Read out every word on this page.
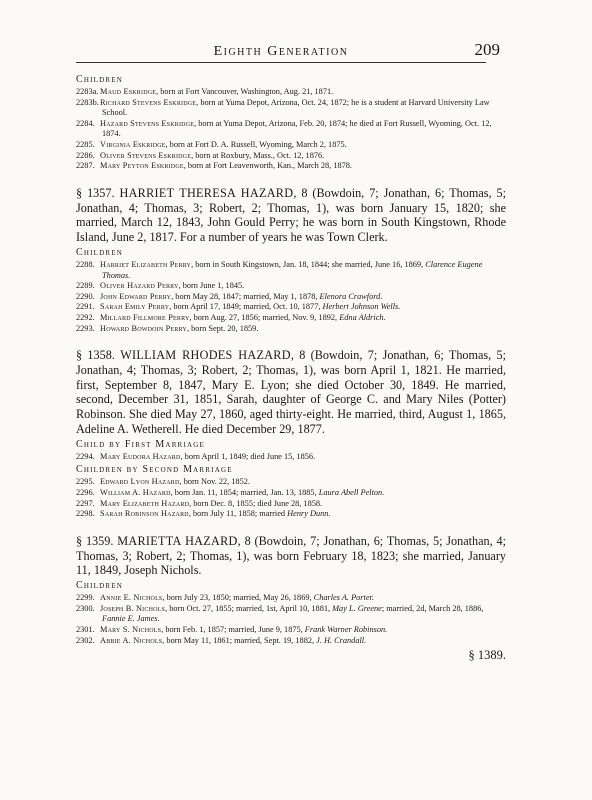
Eighth Generation	209
Children

2283a. Maud Eskridge, born at Fort Vancouver, Washington, Aug. 21, 1871.

2283b.Richard Stevens Eskridge, born at Yuma Depot, Arizona, Oct. 24, 1872; he is a student at Harvard University Law School.

2284. Hazard Stevens Eskridge, born at Yuma Depot, Arizona, Feb. 20, 1874; he died at Fort Russell, Wyoming, Oct. 12, 1874.

2285. Virginia Eskridge, born at Fort D. A. Russell, Wyoming, March 2, 1875.

2286. Oliver Stevens Eskridge, born at Roxbury, Mass., Oct. 12, 1876.

2287. Mary Peyton Eskridge, born at Fort Leavenworth, Kan., March 28, 1878.

§ 1357. HARRIET THERESA HAZARD, 8 (Bowdoin, 7; Jonathan, 6; Thomas, 5; Jonathan, 4; Thomas, 3; Robert, 2; Thomas, 1), was born January 15, 1820; she married, March 12, 1843, John Gould Perry; he was born in South Kingstown, Rhode Island, June 2, 1817. For a number of years he was Town Clerk.

Children

2288. Harriet Elizabeth Perry, born in South Kingstown, Jan. 18, 1844; she married, June 16, 1869, Clarence Eugene Thomas.

2289. Oliver Hazard Perry, born June 1, 1845.

2290. John Edward Perry, born May 28, 1847; married, May 1, 1878, Elenora Crawford.

2291. Sarah Emily Perry, born April 17, 1849; married, Oct. 10, 1877, Herbert Johnson Wells.

2292. Millard Fillmore Perry, born Aug. 27, 1856; married, Nov. 9, 1892, Edna Aldrich.

2293. Howard Bowdoin Perry, born Sept. 20, 1859.

§ 1358. WILLIAM RHODES HAZARD, 8 (Bowdoin, 7; Jonathan, 6; Thomas, 5; Jonathan, 4; Thomas, 3; Robert, 2; Thomas, 1), was born April 1, 1821. He married, first, September 8, 1847, Mary E. Lyon; she died October 30, 1849. He married, second, December 31, 1851, Sarah, daughter of George C. and Mary Niles (Potter) Robinson. She died May 27, 1860, aged thirty-eight. He married, third, August 1, 1865, Adeline A. Wetherell. He died December 29, 1877.

Child by First Marriage

2294. Mary Eudora Hazard, born April 1, 1849; died June 15, 1856.

Children by Second Marriage

2295. Edward Lyon Hazard, born Nov. 22, 1852.

2296. William A. Hazard, born Jan. 11, 1854; married, Jan. 13, 1885, Laura Abell Pelton.

2297. Mary Elizabeth Hazard, born Dec. 8, 1855; died June 28, 1858.

2298. Sarah Robinson Hazard, born July 11, 1858; married Henry Dunn.

§ 1359. MARIETTA HAZARD, 8 (Bowdoin, 7; Jonathan, 6; Thomas, 5; Jonathan, 4; Thomas, 3; Robert, 2; Thomas, 1), was born February 18, 1823; she married, January 11, 1849, Joseph Nichols.

Children

2299. Annie E. Nichols, born July 23, 1850; married, May 26, 1869, Charles A. Porter.

2300. Joseph B. Nichols, born Oct. 27, 1855; married, 1st, April 10, 1881, May L. Greene; married, 2d, March 28, 1886, Fannie E. James.

2301. Mary S. Nichols, born Feb. 1, 1857; married, June 9, 1875, Frank Warner Robinson.

2302. Abbie A. Nichols, born May 11, 1861; married, Sept. 19, 1882, J. H. Crandall.

§ 1389.
